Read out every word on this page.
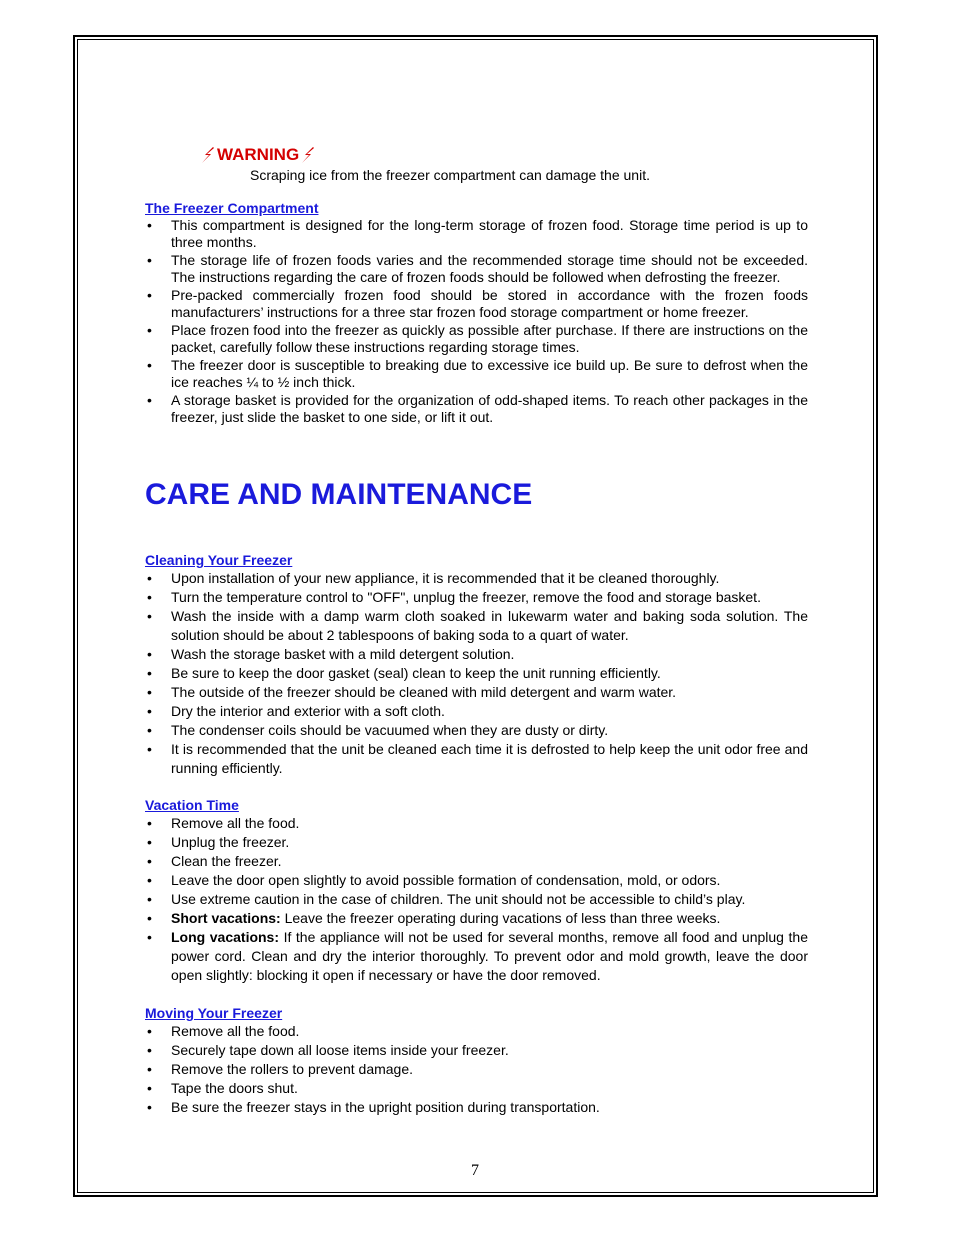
WARNING
Scraping ice from the freezer compartment can damage the unit.
The Freezer Compartment
• This compartment is designed for the long-term storage of frozen food. Storage time period is up to three months.
• The storage life of frozen foods varies and the recommended storage time should not be exceeded. The instructions regarding the care of frozen foods should be followed when defrosting the freezer.
• Pre-packed commercially frozen food should be stored in accordance with the frozen foods manufacturers’ instructions for a three star frozen food storage compartment or home freezer.
• Place frozen food into the freezer as quickly as possible after purchase. If there are instructions on the packet, carefully follow these instructions regarding storage times.
• The freezer door is susceptible to breaking due to excessive ice build up. Be sure to defrost when the ice reaches ¼ to ½ inch thick.
• A storage basket is provided for the organization of odd-shaped items. To reach other packages in the freezer, just slide the basket to one side, or lift it out.
CARE AND MAINTENANCE
Cleaning Your Freezer
• Upon installation of your new appliance, it is recommended that it be cleaned thoroughly.
• Turn the temperature control to "OFF", unplug the freezer, remove the food and storage basket.
• Wash the inside with a damp warm cloth soaked in lukewarm water and baking soda solution. The solution should be about 2 tablespoons of baking soda to a quart of water.
• Wash the storage basket with a mild detergent solution.
• Be sure to keep the door gasket (seal) clean to keep the unit running efficiently.
• The outside of the freezer should be cleaned with mild detergent and warm water.
• Dry the interior and exterior with a soft cloth.
• The condenser coils should be vacuumed when they are dusty or dirty.
• It is recommended that the unit be cleaned each time it is defrosted to help keep the unit odor free and running efficiently.
Vacation Time
• Remove all the food.
• Unplug the freezer.
• Clean the freezer.
• Leave the door open slightly to avoid possible formation of condensation, mold, or odors.
• Use extreme caution in the case of children. The unit should not be accessible to child’s play.
• Short vacations: Leave the freezer operating during vacations of less than three weeks.
• Long vacations: If the appliance will not be used for several months, remove all food and unplug the power cord. Clean and dry the interior thoroughly. To prevent odor and mold growth, leave the door open slightly: blocking it open if necessary or have the door removed.
Moving Your Freezer
• Remove all the food.
• Securely tape down all loose items inside your freezer.
• Remove the rollers to prevent damage.
• Tape the doors shut.
• Be sure the freezer stays in the upright position during transportation.
7
